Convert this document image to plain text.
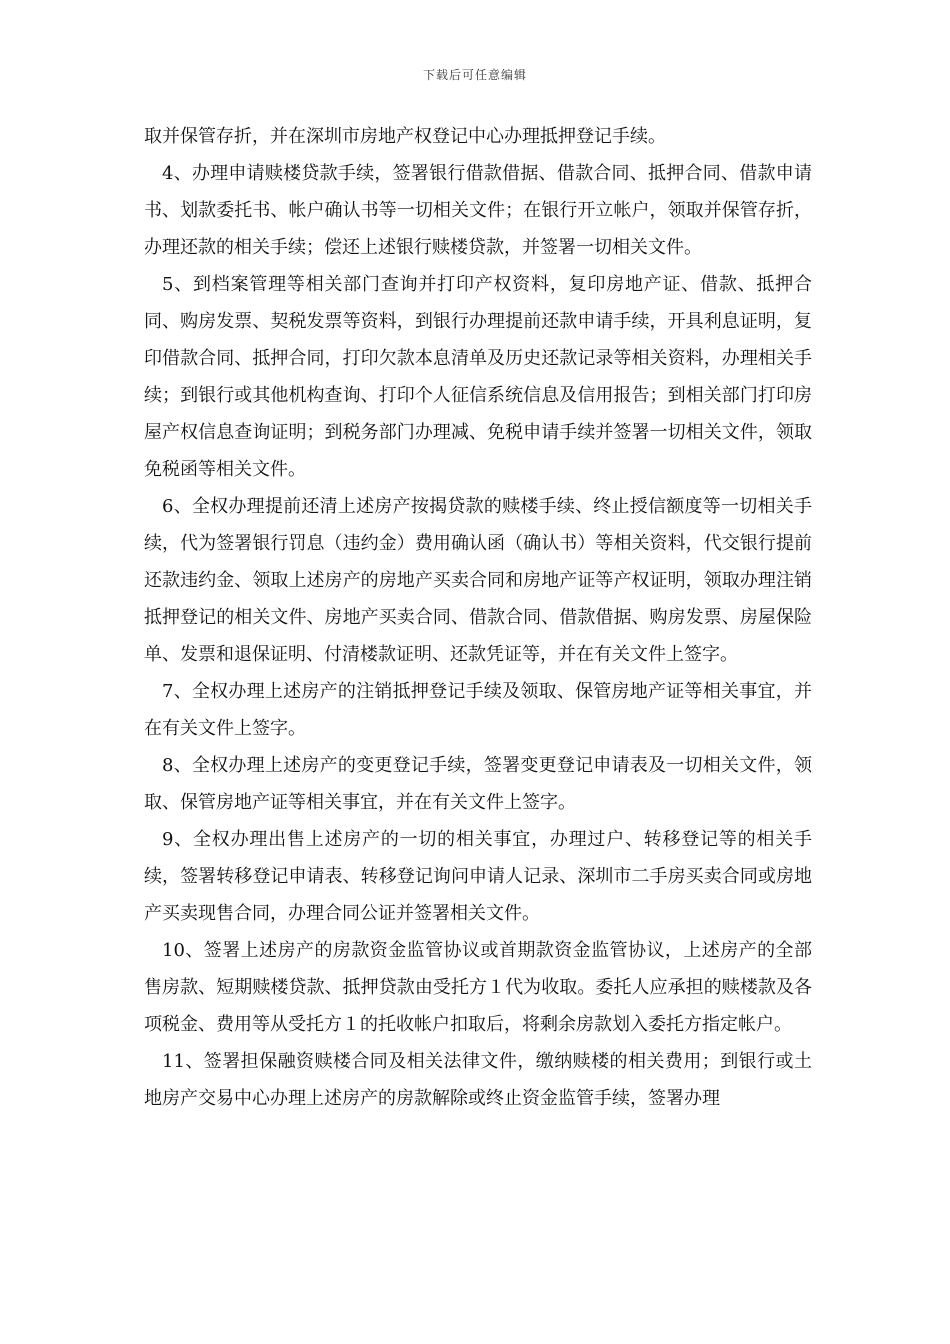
下载后可任意编辑

取并保管存折，并在深圳市房地产权登记中心办理抵押登记手续。

4、办理申请赎楼贷款手续，签署银行借款借据、借款合同、抵押合同、借款申请书、划款委托书、帐户确认书等一切相关文件；在银行开立帐户，领取并保管存折，办理还款的相关手续；偿还上述银行赎楼贷款，并签署一切相关文件。

5、到档案管理等相关部门查询并打印产权资料，复印房地产证、借款、抵押合同、购房发票、契税发票等资料，到银行办理提前还款申请手续，开具利息证明，复印借款合同、抵押合同，打印欠款本息清单及历史还款记录等相关资料，办理相关手续；到银行或其他机构查询、打印个人征信系统信息及信用报告；到相关部门打印房屋产权信息查询证明；到税务部门办理减、免税申请手续并签署一切相关文件，领取免税函等相关文件。

6、全权办理提前还清上述房产按揭贷款的赎楼手续、终止授信额度等一切相关手续，代为签署银行罚息（违约金）费用确认函（确认书）等相关资料，代交银行提前还款违约金、领取上述房产的房地产买卖合同和房地产证等产权证明，领取办理注销抵押登记的相关文件、房地产买卖合同、借款合同、借款借据、购房发票、房屋保险单、发票和退保证明、付清楼款证明、还款凭证等，并在有关文件上签字。

7、全权办理上述房产的注销抵押登记手续及领取、保管房地产证等相关事宜，并在有关文件上签字。

8、全权办理上述房产的变更登记手续，签署变更登记申请表及一切相关文件，领取、保管房地产证等相关事宜，并在有关文件上签字。

9、全权办理出售上述房产的一切的相关事宜，办理过户、转移登记等的相关手续，签署转移登记申请表、转移登记询问申请人记录、深圳市二手房买卖合同或房地产买卖现售合同，办理合同公证并签署相关文件。

10、签署上述房产的房款资金监管协议或首期款资金监管协议，上述房产的全部售房款、短期赎楼贷款、抵押贷款由受托方１代为收取。委托人应承担的赎楼款及各项税金、费用等从受托方１的托收帐户扣取后，将剩余房款划入委托方指定帐户。

11、签署担保融资赎楼合同及相关法律文件，缴纳赎楼的相关费用；到银行或土地房产交易中心办理上述房产的房款解除或终止资金监管手续，签署办理
